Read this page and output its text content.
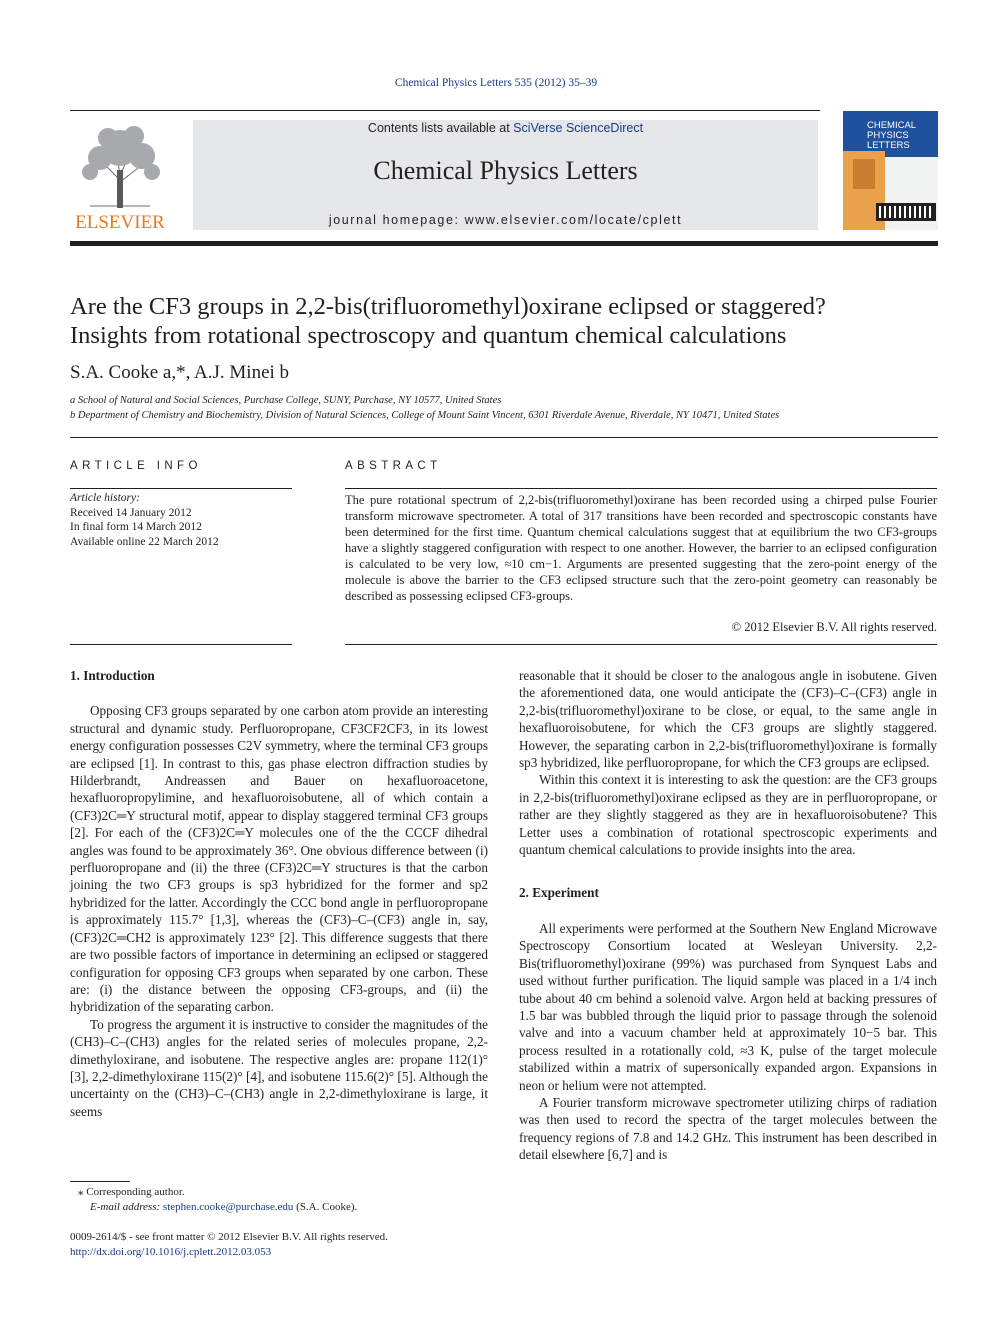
Chemical Physics Letters 535 (2012) 35–39
ELSEVIER
Contents lists available at SciVerse ScienceDirect
Chemical Physics Letters
journal homepage: www.elsevier.com/locate/cplett
CHEMICAL PHYSICS LETTERS
Are the CF3 groups in 2,2-bis(trifluoromethyl)oxirane eclipsed or staggered?
Insights from rotational spectroscopy and quantum chemical calculations
S.A. Cooke a,*, A.J. Minei b
a School of Natural and Social Sciences, Purchase College, SUNY, Purchase, NY 10577, United States
b Department of Chemistry and Biochemistry, Division of Natural Sciences, College of Mount Saint Vincent, 6301 Riverdale Avenue, Riverdale, NY 10471, United States
ARTICLE INFO	ABSTRACT
Article history:
Received 14 January 2012
In final form 14 March 2012
Available online 22 March 2012
The pure rotational spectrum of 2,2-bis(trifluoromethyl)oxirane has been recorded using a chirped pulse Fourier transform microwave spectrometer. A total of 317 transitions have been recorded and spectroscopic constants have been determined for the first time. Quantum chemical calculations suggest that at equilibrium the two CF3-groups have a slightly staggered configuration with respect to one another. However, the barrier to an eclipsed configuration is calculated to be very low, ≈10 cm−1. Arguments are presented suggesting that the zero-point energy of the molecule is above the barrier to the CF3 eclipsed structure such that the zero-point geometry can reasonably be described as possessing eclipsed CF3-groups.
© 2012 Elsevier B.V. All rights reserved.
1. Introduction

Opposing CF3 groups separated by one carbon atom provide an interesting structural and dynamic study. Perfluoropropane, CF3CF2CF3, in its lowest energy configuration possesses C2V symmetry, where the terminal CF3 groups are eclipsed [1]. In contrast to this, gas phase electron diffraction studies by Hilderbrandt, Andreassen and Bauer on hexafluoroacetone, hexafluoropropylimine, and hexafluoroisobutene, all of which contain a (CF3)2C═Y structural motif, appear to display staggered terminal CF3 groups [2]. For each of the (CF3)2C═Y molecules one of the the CCCF dihedral angles was found to be approximately 36°. One obvious difference between (i) perfluoropropane and (ii) the three (CF3)2C═Y structures is that the carbon joining the two CF3 groups is sp3 hybridized for the former and sp2 hybridized for the latter. Accordingly the CCC bond angle in perfluoropropane is approximately 115.7° [1,3], whereas the (CF3)–C–(CF3) angle in, say, (CF3)2C═CH2 is approximately 123° [2]. This difference suggests that there are two possible factors of importance in determining an eclipsed or staggered configuration for opposing CF3 groups when separated by one carbon. These are: (i) the distance between the opposing CF3-groups, and (ii) the hybridization of the separating carbon.

To progress the argument it is instructive to consider the magnitudes of the (CH3)–C–(CH3) angles for the related series of molecules propane, 2,2-dimethyloxirane, and isobutene. The respective angles are: propane 112(1)° [3], 2,2-dimethyloxirane 115(2)° [4], and isobutene 115.6(2)° [5]. Although the uncertainty on the (CH3)–C–(CH3) angle in 2,2-dimethyloxirane is large, it seems

reasonable that it should be closer to the analogous angle in isobutene. Given the aforementioned data, one would anticipate the (CF3)–C–(CF3) angle in 2,2-bis(trifluoromethyl)oxirane to be close, or equal, to the same angle in hexafluoroisobutene, for which the CF3 groups are slightly staggered. However, the separating carbon in 2,2-bis(trifluoromethyl)oxirane is formally sp3 hybridized, like perfluoropropane, for which the CF3 groups are eclipsed.

Within this context it is interesting to ask the question: are the CF3 groups in 2,2-bis(trifluoromethyl)oxirane eclipsed as they are in perfluoropropane, or rather are they slightly staggered as they are in hexafluoroisobutene? This Letter uses a combination of rotational spectroscopic experiments and quantum chemical calculations to provide insights into the area.

2. Experiment

All experiments were performed at the Southern New England Microwave Spectroscopy Consortium located at Wesleyan University. 2,2-Bis(trifluoromethyl)oxirane (99%) was purchased from Synquest Labs and used without further purification. The liquid sample was placed in a 1/4 inch tube about 40 cm behind a solenoid valve. Argon held at backing pressures of 1.5 bar was bubbled through the liquid prior to passage through the solenoid valve and into a vacuum chamber held at approximately 10−5 bar. This process resulted in a rotationally cold, ≈3 K, pulse of the target molecule stabilized within a matrix of supersonically expanded argon. Expansions in neon or helium were not attempted.

A Fourier transform microwave spectrometer utilizing chirps of radiation was then used to record the spectra of the target molecules between the frequency regions of 7.8 and 14.2 GHz. This instrument has been described in detail elsewhere [6,7] and is

⁎ Corresponding author.
E-mail address: stephen.cooke@purchase.edu (S.A. Cooke).
0009-2614/$ - see front matter © 2012 Elsevier B.V. All rights reserved.
http://dx.doi.org/10.1016/j.cplett.2012.03.053
